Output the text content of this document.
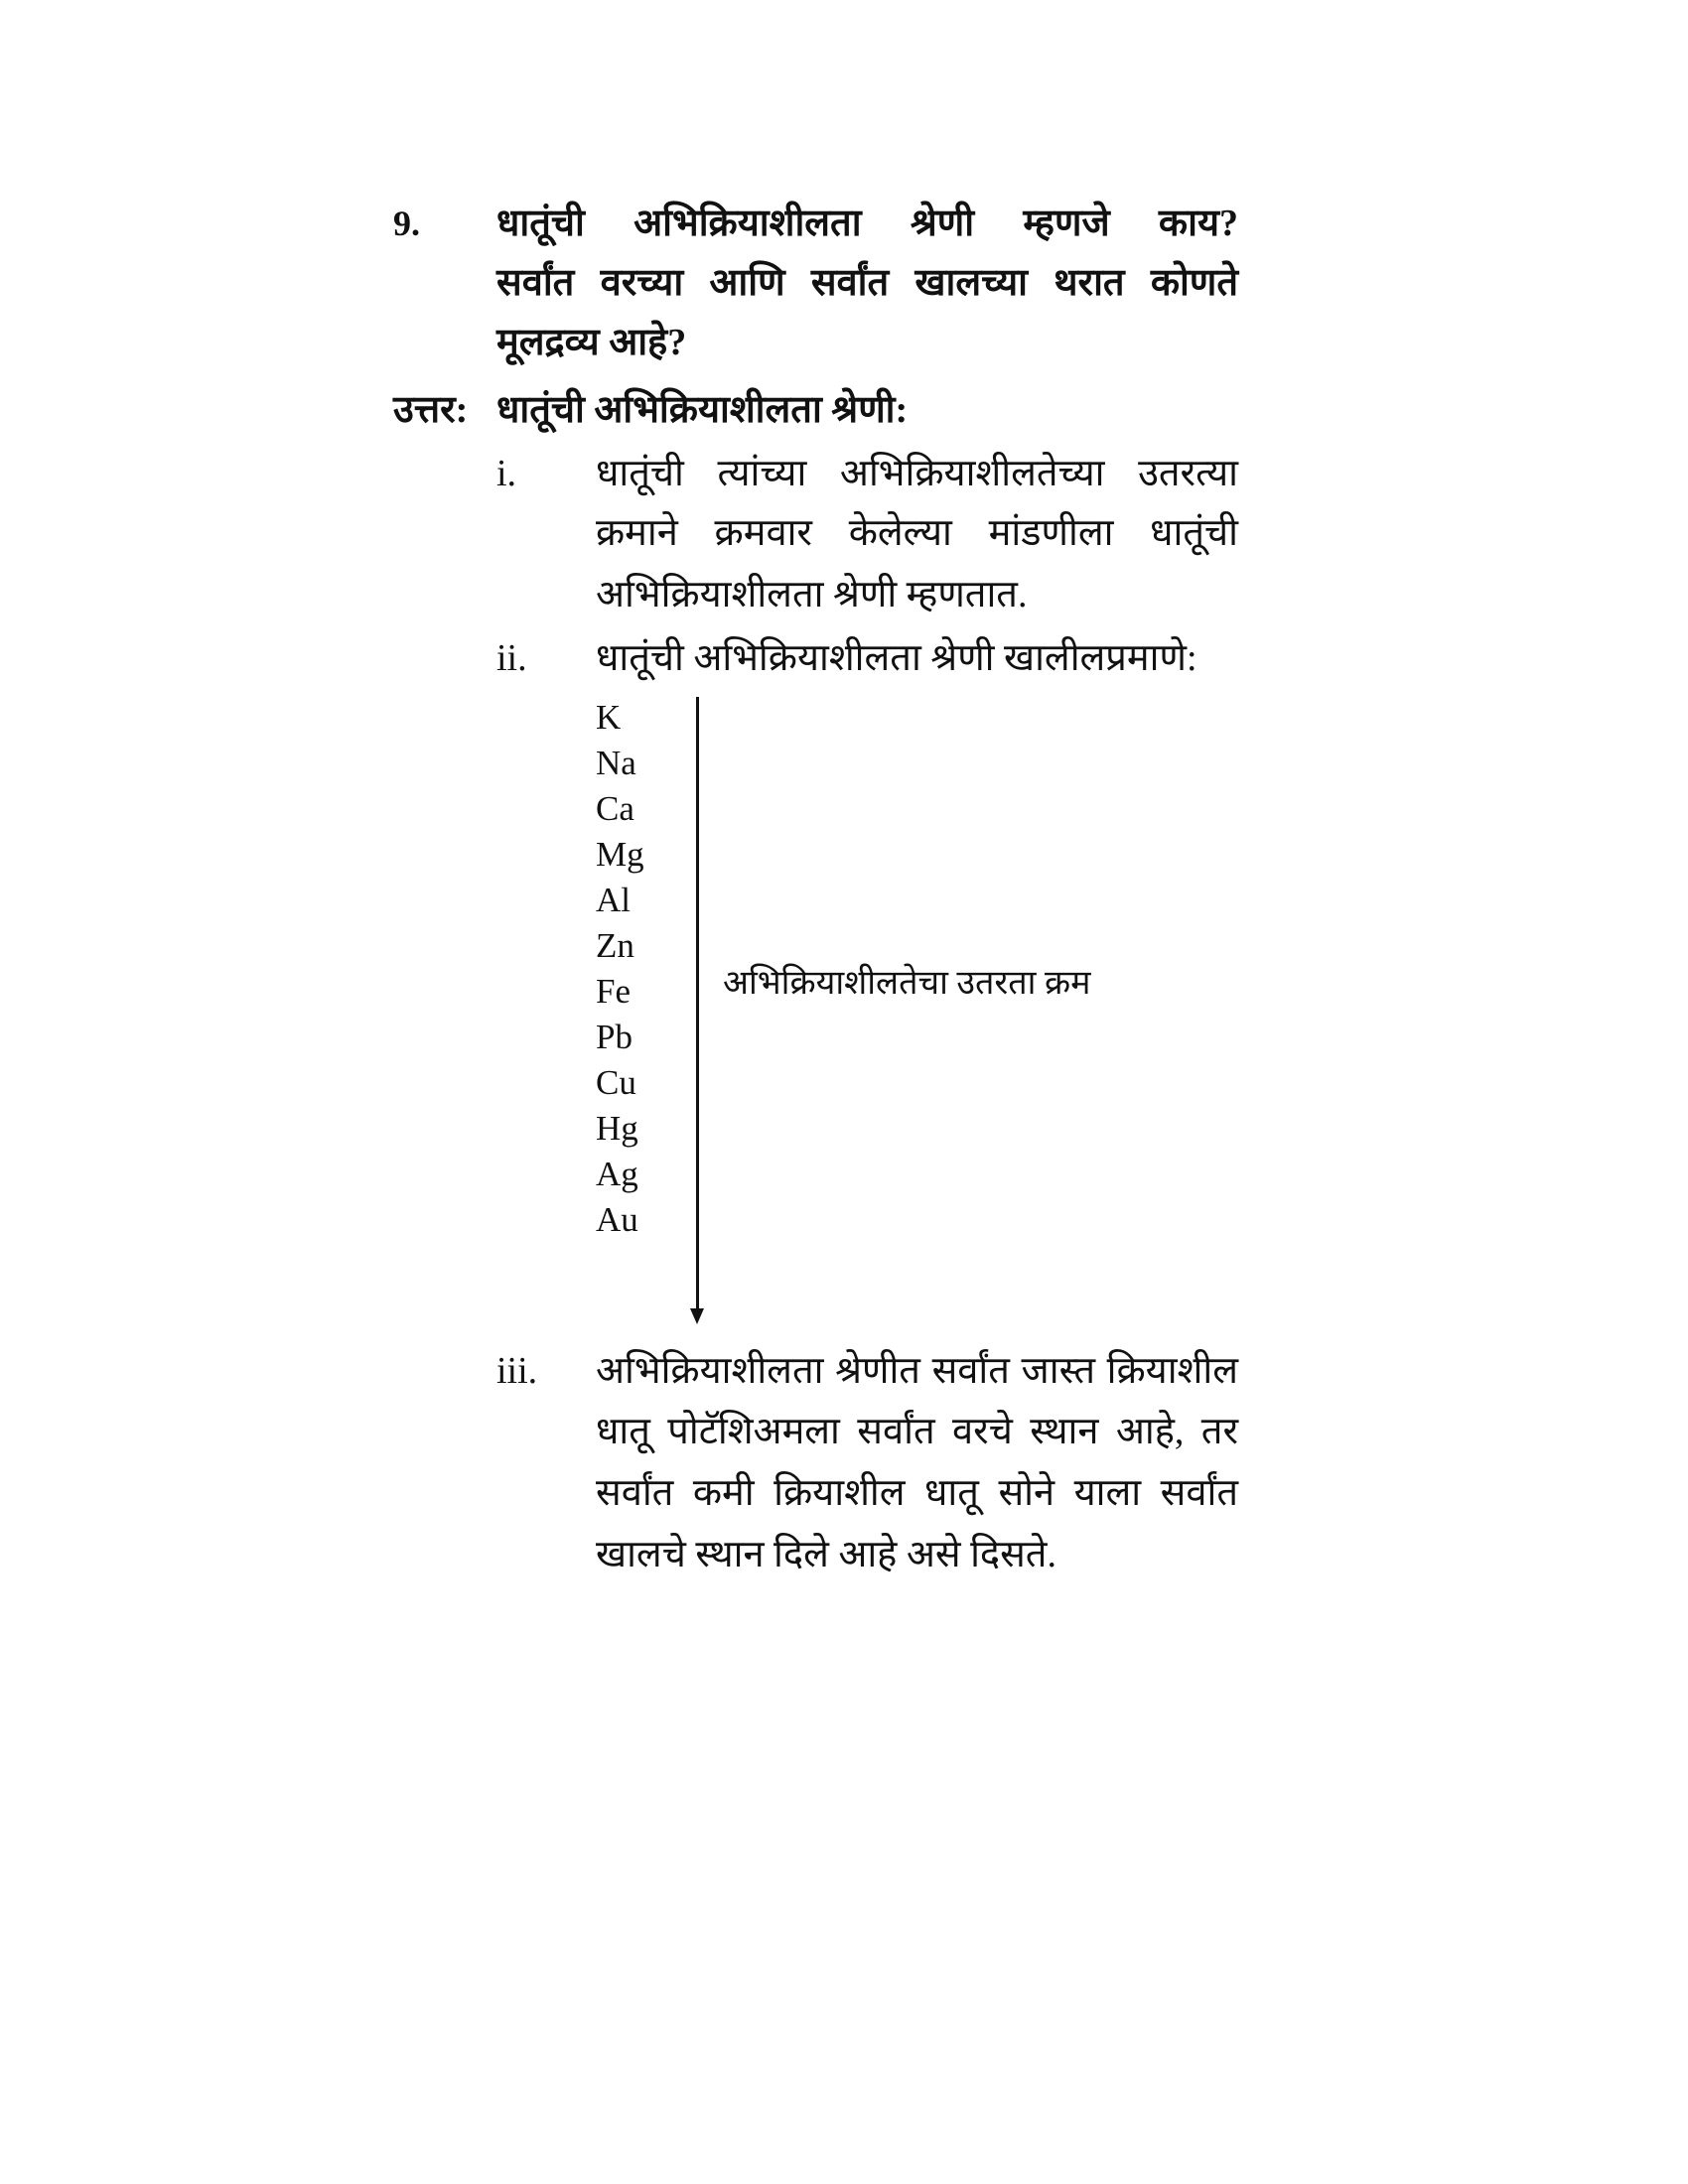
9. धातूंची अभिक्रियाशीलता श्रेणी म्हणजे काय?
सर्वांत वरच्या आणि सर्वांत खालच्या थरात कोणते
मूलद्रव्य आहे?
उत्तर: धातूंची अभिक्रियाशीलता श्रेणी:
i. धातूंची त्यांच्या अभिक्रियाशीलतेच्या उतरत्या
क्रमाने क्रमवार केलेल्या मांडणीला धातूंची
अभिक्रियाशीलता श्रेणी म्हणतात.
ii. धातूंची अभिक्रियाशीलता श्रेणी खालीलप्रमाणे:
K
Na
Ca
Mg
Al
Zn
Fe
Pb
Cu
Hg
Ag
Au
अभिक्रियाशीलतेचा उतरता क्रम
iii. अभिक्रियाशीलता श्रेणीत सर्वांत जास्त क्रियाशील
धातू पोटॅशिअमला सर्वांत वरचे स्थान आहे, तर
सर्वांत कमी क्रियाशील धातू सोने याला सर्वांत
खालचे स्थान दिले आहे असे दिसते.
